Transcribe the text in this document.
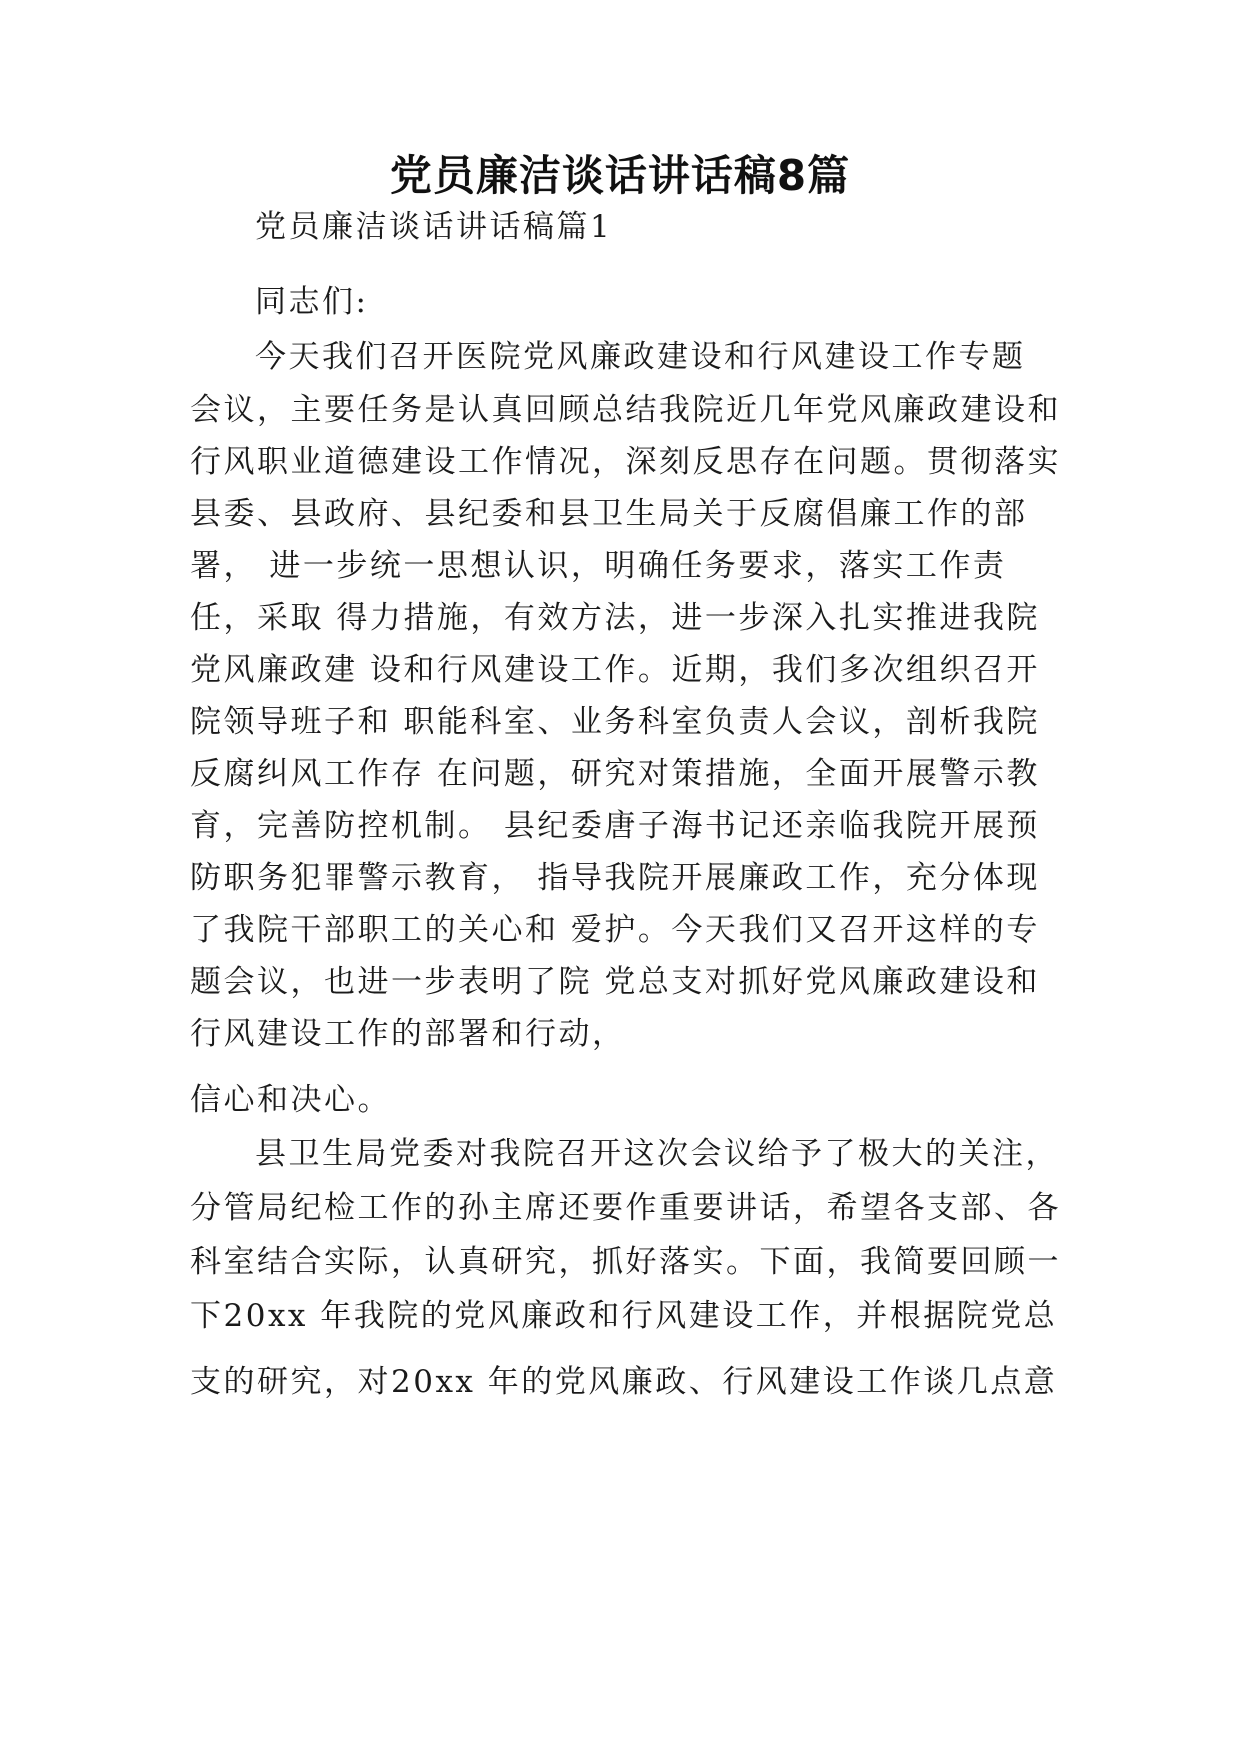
党员廉洁谈话讲话稿8篇
党员廉洁谈话讲话稿篇1
同志们:
今天我们召开医院党风廉政建设和行风建设工作专题
会议，主要任务是认真回顾总结我院近几年党风廉政建设和
行风职业道德建设工作情况，深刻反思存在问题。贯彻落实
县委、县政府、县纪委和县卫生局关于反腐倡廉工作的部
署， 进一步统一思想认识，明确任务要求，落实工作责
任，采取 得力措施，有效方法，进一步深入扎实推进我院
党风廉政建 设和行风建设工作。近期，我们多次组织召开
院领导班子和 职能科室、业务科室负责人会议，剖析我院
反腐纠风工作存 在问题，研究对策措施，全面开展警示教
育，完善防控机制。 县纪委唐子海书记还亲临我院开展预
防职务犯罪警示教育， 指导我院开展廉政工作，充分体现
了我院干部职工的关心和 爱护。今天我们又召开这样的专
题会议，也进一步表明了院 党总支对抓好党风廉政建设和
行风建设工作的部署和行动，
信心和决心。
县卫生局党委对我院召开这次会议给予了极大的关注，
分管局纪检工作的孙主席还要作重要讲话，希望各支部、各
科室结合实际，认真研究，抓好落实。下面，我简要回顾一
下20xx 年我院的党风廉政和行风建设工作，并根据院党总
支的研究，对20xx 年的党风廉政、行风建设工作谈几点意
